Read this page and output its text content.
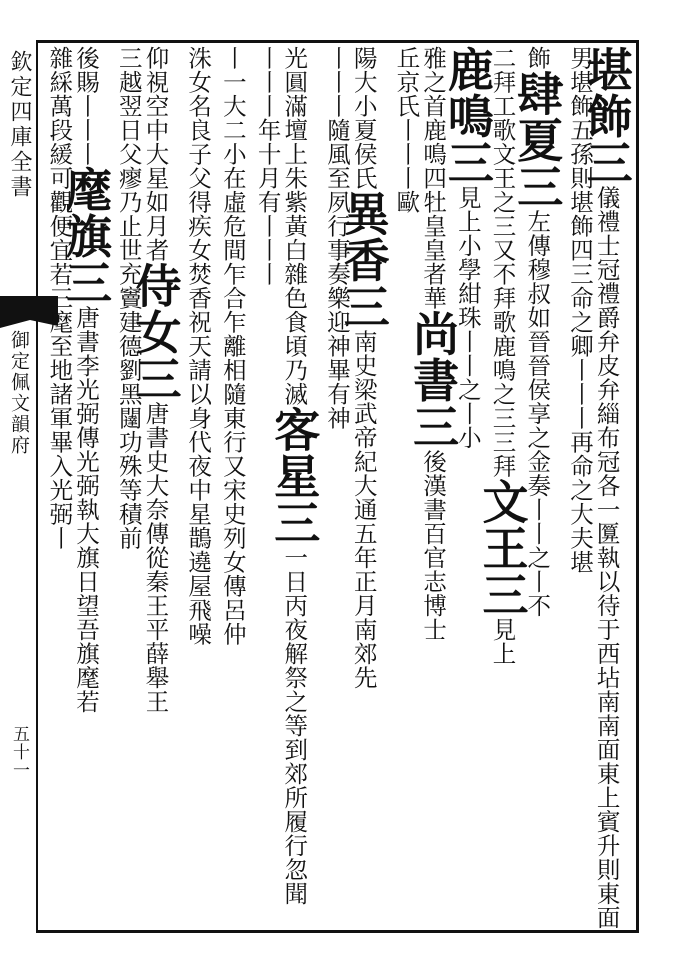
欽定四庫全書
御定佩文韻府
五十一
堪飾三儀禮士冠禮爵弁皮弁緇布冠各一匴執以待于西坫南南面東上賓升則東面
男堪飾五孫則堪飾四三命之卿丨丨丨再命之大夫堪
飾肆夏三左傳穆叔如晉晉侯享之金奏丨丨之丨不
二拜工歌文王之三又不拜歌鹿鳴之三三拜文王三見上
鹿鳴三見上小學紺珠丨丨之丨小
雅之首鹿鳴四牡皇皇者華尚書三後漢書百官志博士
丘京氏丨丨丨歐
陽大小夏侯氏異香三南史梁武帝紀大通五年正月南郊先
丨丨丨隨風至夙行事奏樂迎神畢有神
光圓滿壇上朱紫黃白雜色食頃乃滅客星三一日丙夜解祭之等到郊所履行忽聞
丨丨丨年十月有丨丨丨
丨一大二小在虛危間乍合乍離相隨東行又宋史列女傳呂仲
洙女名良子父得疾女焚香祝天請以身代夜中星鵲遶屋飛噪
仰視空中大星如月者侍女三唐書史大奈傳從秦王平薛舉王
三越翌日父瘳乃止世充竇建德劉黑闥功殊等積前
後賜丨丨丨麾旗三唐書李光弼傳光弼執大旗日望吾旗麾若
雜綵萬段緩可觀便宜若三麾至地諸軍畢入光弼丨
